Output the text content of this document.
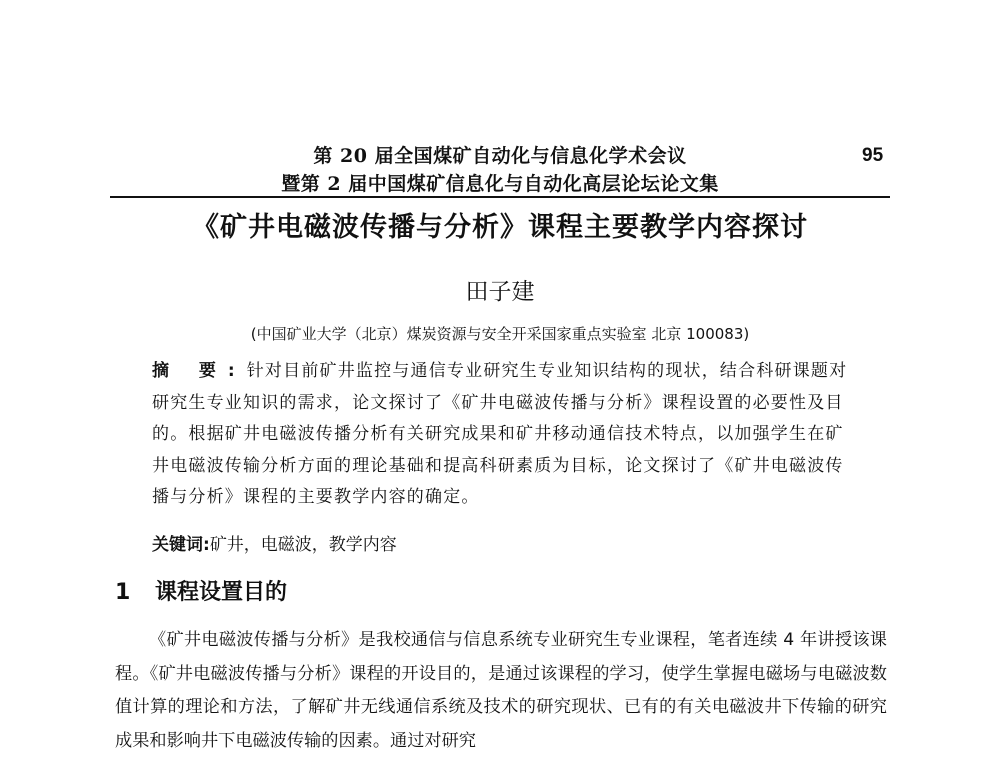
第 20 届全国煤矿自动化与信息化学术会议
暨第 2 届中国煤矿信息化与自动化高层论坛论文集
95
《矿井电磁波传播与分析》课程主要教学内容探讨
田子建
(中国矿业大学（北京）煤炭资源与安全开采国家重点实验室 北京 100083)

摘 要:针对目前矿井监控与通信专业研究生专业知识结构的现状，结合科研课题对研究生专业知识的需求，论文探讨了《矿井电磁波传播与分析》课程设置的必要性及目的。根据矿井电磁波传播分析有关研究成果和矿井移动通信技术特点，以加强学生在矿井电磁波传输分析方面的理论基础和提高科研素质为目标，论文探讨了《矿井电磁波传播与分析》课程的主要教学内容的确定。

关键词:矿井，电磁波，教学内容
1 课程设置目的

《矿井电磁波传播与分析》是我校通信与信息系统专业研究生专业课程，笔者连续 4 年讲授该课程。《矿井电磁波传播与分析》课程的开设目的，是通过该课程的学习，使学生掌握电磁场与电磁波数值计算的理论和方法，了解矿井无线通信系统及技术的研究现状、已有的有关电磁波井下传输的研究成果和影响井下电磁波传输的因素。通过对研究
